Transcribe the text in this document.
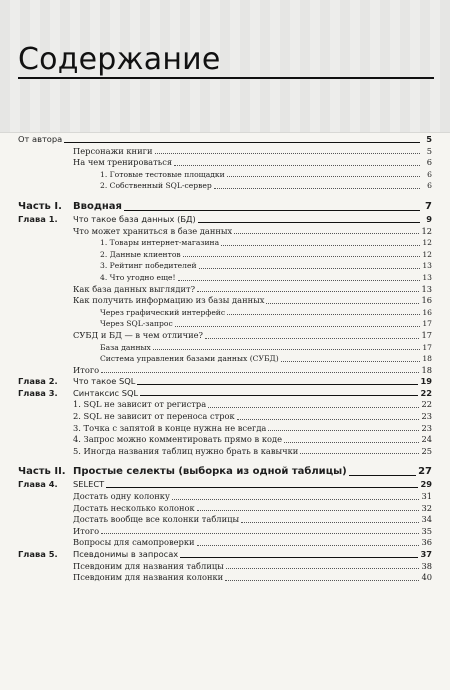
Содержание
От автора	5
Персонажи книги	5
На чем тренироваться	6
1. Готовые тестовые площадки	6
2. Собственный SQL-сервер	6
Часть I. Вводная	7
Глава 1. Что такое база данных (БД)	9
Что может храниться в базе данных	12
1. Товары интернет-магазина	12
2. Данные клиентов	12
3. Рейтинг победителей	13
4. Что угодно еще!	13
Как база данных выглядит?	13
Как получить информацию из базы данных	16
Через графический интерфейс	16
Через SQL-запрос	17
СУБД и БД — в чем отличие?	17
База данных	17
Система управления базами данных (СУБД)	18
Итого	18
Глава 2. Что такое SQL	19
Глава 3. Синтаксис SQL	22
1. SQL не зависит от регистра	22
2. SQL не зависит от переноса строк	23
3. Точка с запятой в конце нужна не всегда	23
4. Запрос можно комментировать прямо в коде	24
5. Иногда названия таблиц нужно брать в кавычки	25
Часть II. Простые селекты (выборка из одной таблицы)	27
Глава 4. SELECT	29
Достать одну колонку	31
Достать несколько колонок	32
Достать вообще все колонки таблицы	34
Итого	35
Вопросы для самопроверки	36
Глава 5. Псевдонимы в запросах	37
Псевдоним для названия таблицы	38
Псевдоним для названия колонки	40
